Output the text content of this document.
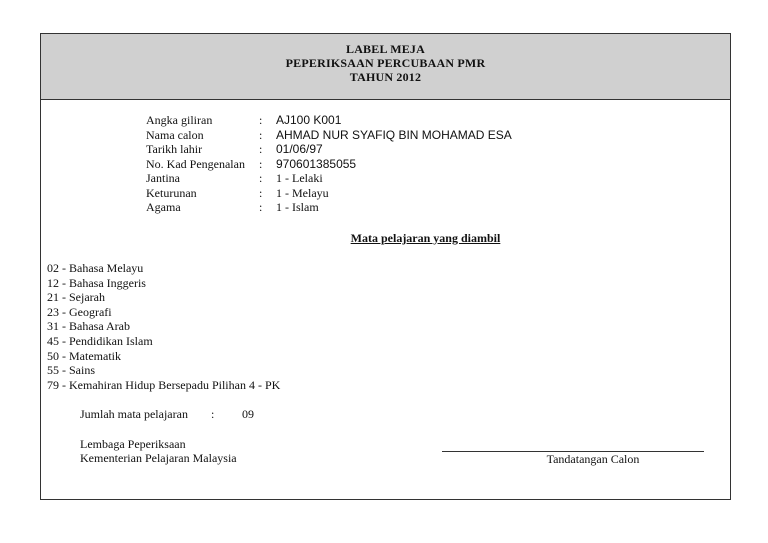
LABEL MEJA
PEPERIKSAAN PERCUBAAN PMR
TAHUN 2012
Angka giliran	:	AJ100 K001
Nama calon	:	AHMAD NUR SYAFIQ BIN MOHAMAD ESA
Tarikh lahir	:	01/06/97
No. Kad Pengenalan	:	970601385055
Jantina	:	1 - Lelaki
Keturunan	:	1 - Melayu
Agama	:	1 - Islam
Mata pelajaran yang diambil
02 - Bahasa Melayu
12 - Bahasa Inggeris
21 - Sejarah
23 - Geografi
31 - Bahasa Arab
45 - Pendidikan Islam
50 - Matematik
55 - Sains
79 - Kemahiran Hidup Bersepadu Pilihan 4 - PK
Jumlah mata pelajaran	:	09
Lembaga Peperiksaan
Kementerian Pelajaran Malaysia	Tandatangan Calon
